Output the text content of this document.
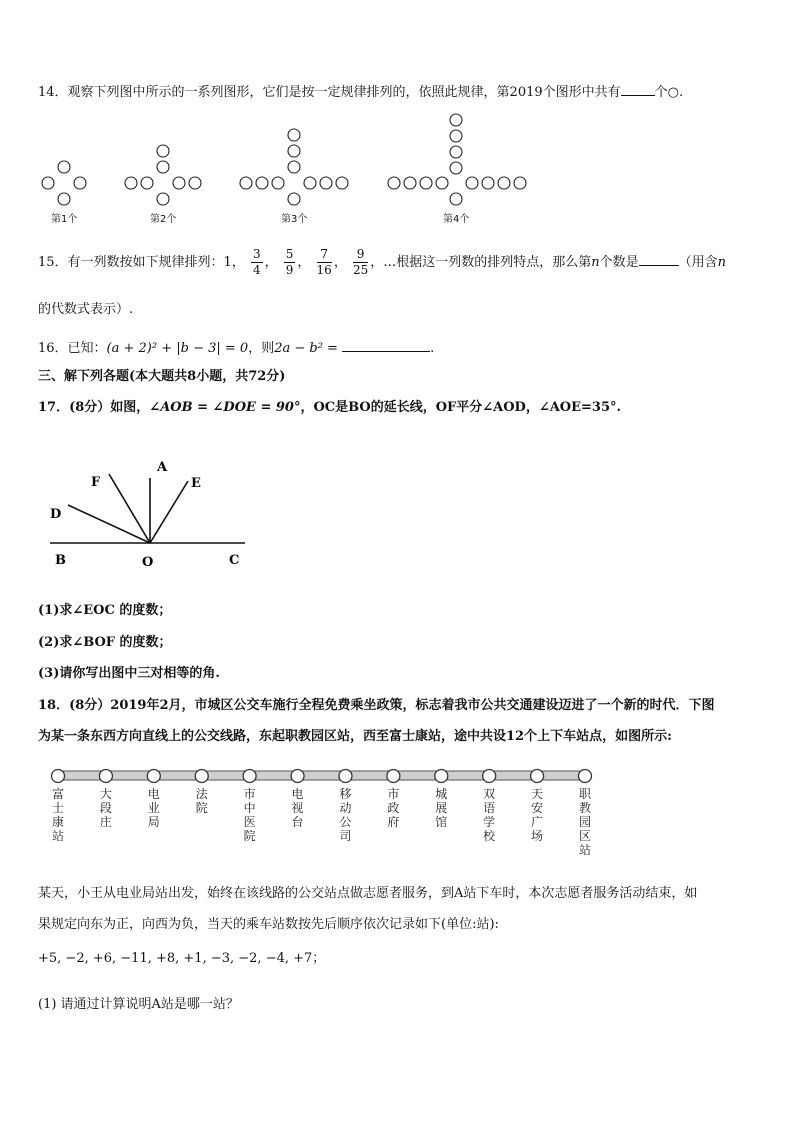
14．观察下列图中所示的一系列图形，它们是按一定规律排列的，依照此规律，第2019个图形中共有	个○.
第1个	第2个	第3个	第4个
15．有一列数按如下规律排列：1， $\frac{3}{4}$ ， $\frac{5}{9}$ ， $\frac{7}{16}$ ， $\frac{9}{25}$ ，…根据这一列数的排列特点，那么第n个数是	（用含n
的代数式表示）.
16．已知：(a + 2)² + |b − 3| = 0，则2a − b² =	.
三、解下列各题(本大题共8小题，共72分)
17．(8分）如图，∠AOB = ∠DOE = 90°，OC是BO的延长线，OF平分∠AOD，∠AOE=35°.
A
B	C
D
E
F
O
(1)求∠EOC 的度数；
(2)求∠BOF 的度数；
(3)请你写出图中三对相等的角.
18．(8分）2019年2月，市城区公交车施行全程免费乘坐政策，标志着我市公共交通建设迈进了一个新的时代．下图
为某一条东西方向直线上的公交线路，东起职教园区站，西至富士康站，途中共设12个上下车站点，如图所示:
富士康站
大段庄
电业局
法院
市中医院
电视台
移动公司
市政府
城展馆
双语学校
天安广场
职教园区站
某天，小王从电业局站出发，始终在该线路的公交站点做志愿者服务，到A站下车时，本次志愿者服务活动结束，如
果规定向东为正，向西为负，当天的乘车站数按先后顺序依次记录如下(单位:站):
+5, −2, +6, −11, +8, +1, −3, −2, −4, +7；
(1) 请通过计算说明A站是哪一站？
